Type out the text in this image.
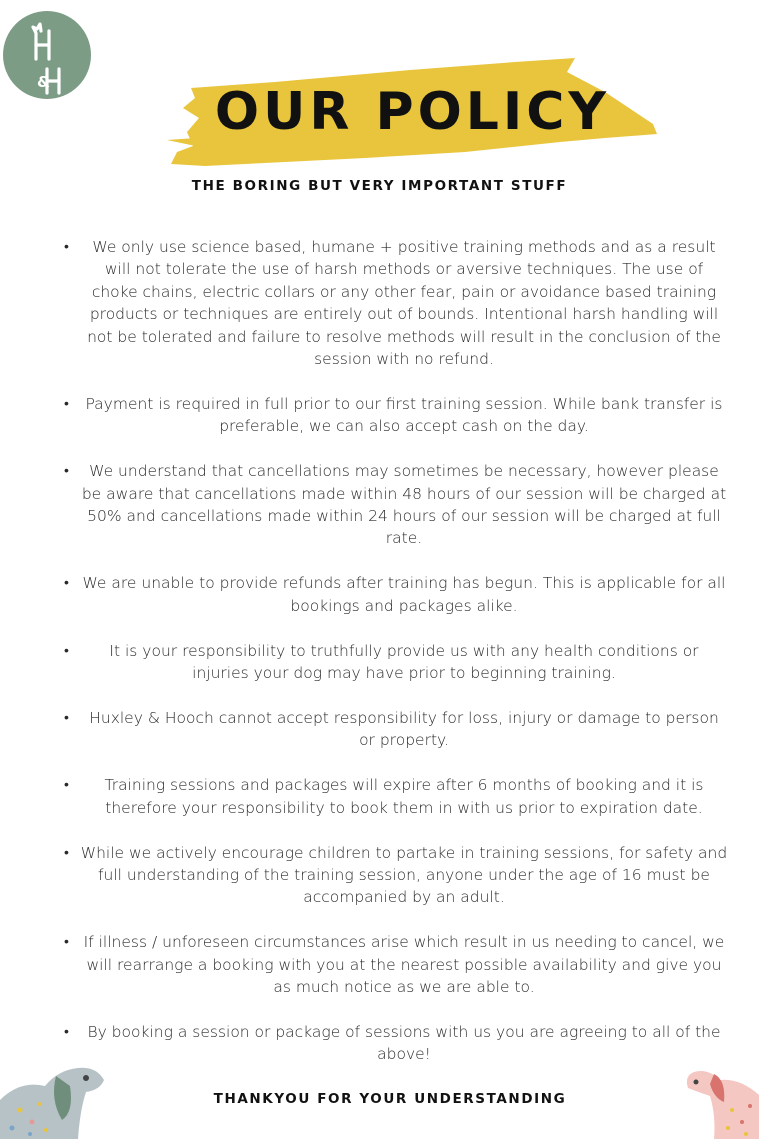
&	OUR POLICY
THE BORING BUT VERY IMPORTANT STUFF
• We only use science based, humane + positive training methods and as a result will not tolerate the use of harsh methods or aversive techniques. The use of choke chains, electric collars or any other fear, pain or avoidance based training products or techniques are entirely out of bounds. Intentional harsh handling will not be tolerated and failure to resolve methods will result in the conclusion of the session with no refund.
• Payment is required in full prior to our first training session. While bank transfer is preferable, we can also accept cash on the day.
• We understand that cancellations may sometimes be necessary, however please be aware that cancellations made within 48 hours of our session will be charged at 50% and cancellations made within 24 hours of our session will be charged at full rate.
• We are unable to provide refunds after training has begun. This is applicable for all bookings and packages alike.
•	It is your responsibility to truthfully provide us with any health conditions or injuries your dog may have prior to beginning training.
• Huxley & Hooch cannot accept responsibility for loss, injury or damage to person or property.
• Training sessions and packages will expire after 6 months of booking and it is therefore your responsibility to book them in with us prior to expiration date.
• While we actively encourage children to partake in training sessions, for safety and full understanding of the training session, anyone under the age of 16 must be accompanied by an adult.
• If illness / unforeseen circumstances arise which result in us needing to cancel, we will rearrange a booking with you at the nearest possible availability and give you as much notice as we are able to.
• By booking a session or package of sessions with us you are agreeing to all of the above!
THANKYOU FOR YOUR UNDERSTANDING
